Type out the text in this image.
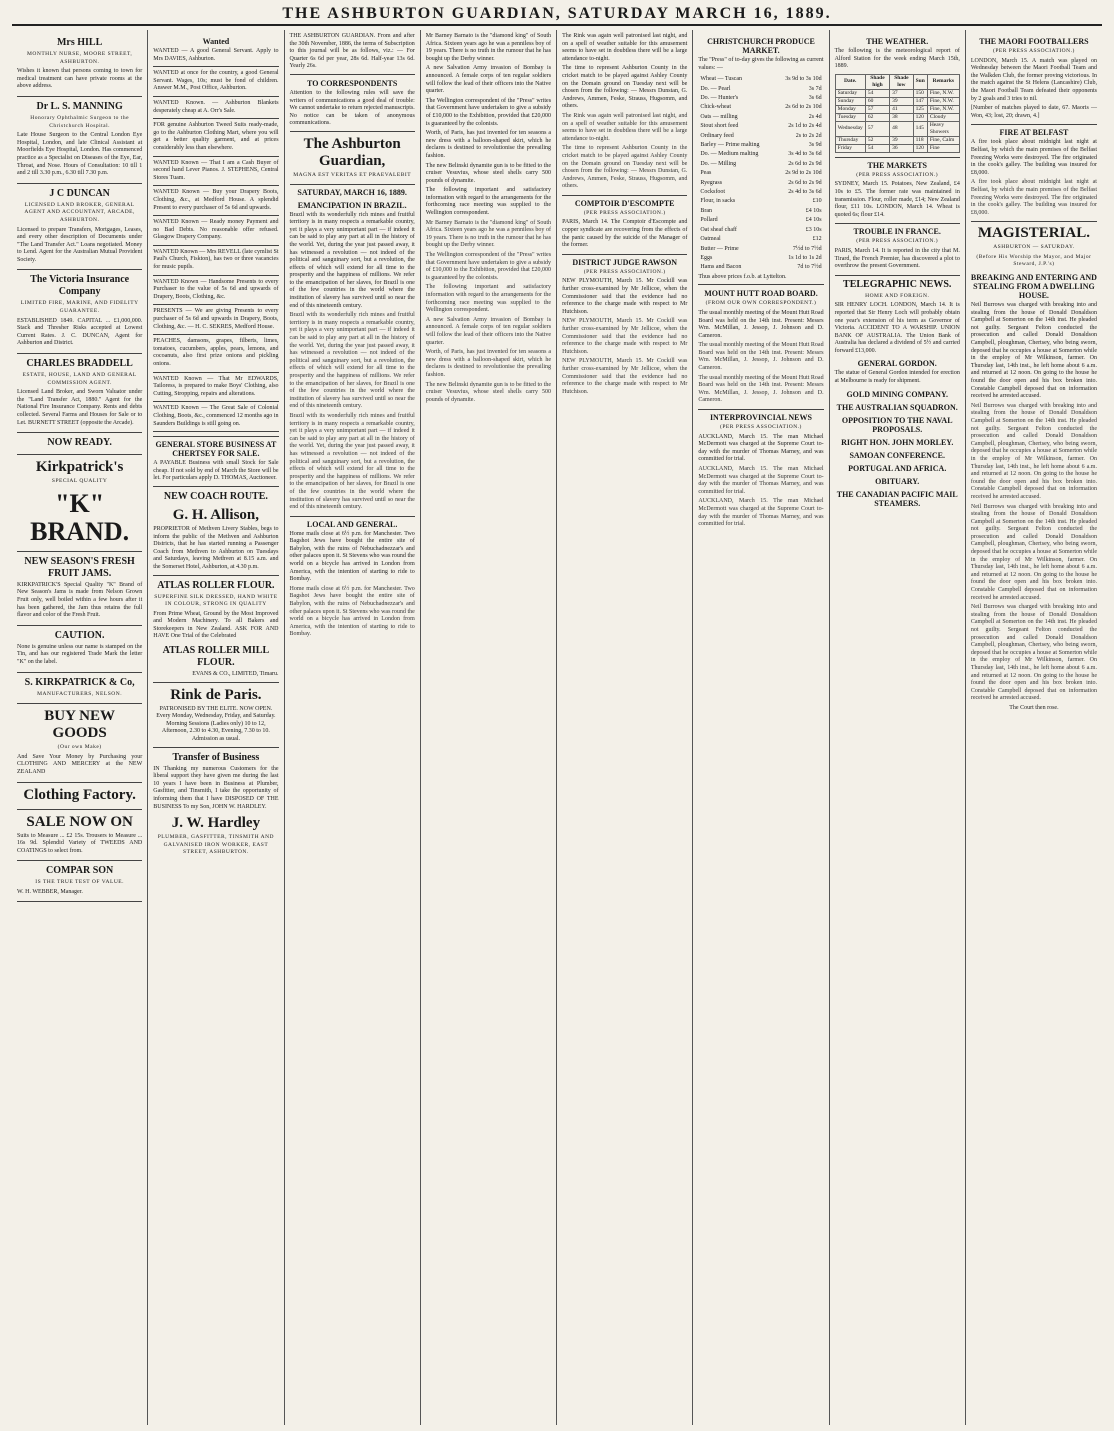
THE ASHBURTON GUARDIAN, SATURDAY MARCH 16, 1889.
Mrs HILL
MONTHLY NURSE, MOORE STREET, ASHBURTON.
Wishes it known that persons coming to town for medical treatment can have private rooms at the above address.
Dr L. S. MANNING
Honorary Ophthalmic Surgeon to the Christchurch Hospital.
Late House Surgeon to the Central London Eye Hospital, London, and late Clinical Assistant at Moorfields Eye Hospital, London. Has commenced practice as a Specialist on Diseases of the Eye, Ear, Throat, and Nose. Hours of Consultation: 10 till 1 and 2 till 3.30 p.m., 6.30 till 7.30 p.m.
J C DUNCAN
LICENSED LAND BROKER, GENERAL AGENT AND ACCOUNTANT, ARCADE, ASHBURTON.
Licensed to prepare Transfers, Mortgages, Leases, and every other description of Documents under "The Land Transfer Act." Loans negotiated. Money to Lend. Agent for the Australian Mutual Provident Society.
The Victoria Insurance Company
LIMITED FIRE, MARINE, AND FIDELITY GUARANTEE.
ESTABLISHED 1849. CAPITAL ... £1,000,000. Stack and Thresher Risks accepted at Lowest Current Rates. J. C. DUNCAN, Agent for Ashburton and District.
CHARLES BRADDELL
ESTATE, HOUSE, LAND AND GENERAL COMMISSION AGENT.
Licensed Land Broker, and Sworn Valuator under the "Land Transfer Act, 1880." Agent for the National Fire Insurance Company. Rents and debts collected. Several Farms and Houses for Sale or to Let. BURNETT STREET (opposite the Arcade).
NOW READY.
Kirkpatrick's
SPECIAL QUALITY
"K" BRAND.
NEW SEASON'S FRESH FRUIT JAMS.
KIRKPATRICK'S Special Quality "K" Brand of New Season's Jams is made from Nelson Grown Fruit only, well boiled within a few hours after it has been gathered, the Jam thus retains the full flavor and color of the Fresh Fruit.
CAUTION.
None is genuine unless our name is stamped on the Tin, and has our registered Trade Mark the letter "K" on the label.
S. KIRKPATRICK & Co,
MANUFACTURERS, NELSON.
BUY NEW GOODS
(Our own Make)
And Save Your Money by Purchasing your CLOTHING AND MERCERY at the NEW ZEALAND
Clothing Factory.
SALE NOW ON
Suits to Measure ... £2 15s. Trousers to Measure ... 16s 9d. Splendid Variety of TWEEDS AND COATINGS to select from.
COMPAR SON
IS THE TRUE TEST OF VALUE.
W. H. WEBBER, Manager.
Wanted
WANTED — A good General Servant. Apply to Mrs DAVIES, Ashburton.
WANTED at once for the country, a good General Servant. Wages, 10s; must be fond of children. Answer M.M., Post Office, Ashburton.
WANTED Known. — Ashburton Blankets desperately cheap at A. Orr's Sale.
FOR genuine Ashburton Tweed Suits ready-made, go to the Ashburton Clothing Mart, where you will get a better quality garment, and at prices considerably less than elsewhere.
WANTED Known — That I am a Cash Buyer of second hand Lever Pianos. J. STEPHENS, Central Stores Tuam.
WANTED Known — Buy your Drapery Boots, Clothing, &c., at Medford House. A splendid Present to every purchaser of 5s 6d and upwards.
WANTED Known — Ready money Payment and no Bad Debts. No reasonable offer refused. Glasgow Drapery Company.
WANTED Known — Mrs REVELL (late cymlist St Paul's Church, Fiskton), has two or three vacancies for music pupils.
WANTED Known — Handsome Presents to every Purchaser to the value of 5s 6d and upwards of Drapery, Boots, Clothing, &c.
PRESENTS — We are giving Presents to every purchaser of 5s 6d and upwards in Drapery, Boots, Clothing, &c. — H. C. SEKRES, Medford House.
PEACHES, damsons, grapes, filberts, limes, tomatoes, cucumbers, apples, pears, lemons, and cocoanuts, also first prize onions and pickling onions.
WANTED Known — That Mr EDWARDS, Tailoress, is prepared to make Boys' Clothing, also Cutting, Stropping, repairs and alterations.
WANTED Known — The Great Sale of Colonial Clothing, Boots, &c., commenced 12 months ago in Saunders Buildings is still going on.
GENERAL STORE BUSINESS AT CHERTSEY FOR SALE.
A PAYABLE Business with small Stock for Sale cheap. If not sold by end of March the Store will be let. For particulars apply D. THOMAS, Auctioneer.
NEW COACH ROUTE.
G. H. Allison,
PROPRIETOR of Methven Livery Stables, begs to inform the public of the Methven and Ashburton Districts, that he has started running a Passenger Coach from Methven to Ashburton on Tuesdays and Saturdays, leaving Methven at 8.15 a.m. and the Somerset Hotel, Ashburton, at 4.30 p.m.
ATLAS ROLLER FLOUR.
SUPERFINE SILK DRESSED, HAND WHITE IN COLOUR, STRONG IN QUALITY
From Prime Wheat, Ground by the Most Improved and Modern Machinery. To all Bakers and Storekeepers in New Zealand. ASK FOR AND HAVE One Trial of the Celebrated
ATLAS ROLLER MILL FLOUR.
EVANS & CO., LIMITED, Timaru.
Rink de Paris.
PATRONISED BY THE ELITE. NOW OPEN. Every Monday, Wednesday, Friday, and Saturday. Morning Sessions (Ladies only) 10 to 12, Afternoon, 2.30 to 4.30, Evening, 7.30 to 10. Admission as usual.
Transfer of Business
IN Thanking my numerous Customers for the liberal support they have given me during the last 10 years I have been in Business at Plumber, Gasfitter, and Tinsmith, I take the opportunity of informing them that I have DISPOSED OF THE BUSINESS To my Son, JOHN W. HARDLEY.
J. W. Hardley
PLUMBER, GASFITTER, TINSMITH AND GALVANISED IRON WORKER, EAST STREET, ASHBURTON.
THE ASHBURTON GUARDIAN. From and after the 30th November, 1886, the terms of Subscription to this journal will be as follows, viz.: — For Quarter 6s 6d per year, 28s 6d. Half-year 13s 6d. Yearly 26s.
TO CORRESPONDENTS
Attention to the following rules will save the writers of communications a good deal of trouble: We cannot undertake to return rejected manuscripts. No notice can be taken of anonymous communications.
The Ashburton Guardian,
MAGNA EST VERITAS ET PRAEVALEBIT
SATURDAY, MARCH 16, 1889.
EMANCIPATION IN BRAZIL.
Brazil with its wonderfully rich mines and fruitful territory is in many respects a remarkable country, yet it plays a very unimportant part — if indeed it can be said to play any part at all in the history of the world. Yet, during the year just passed away, it has witnessed a revolution — not indeed of the political and sanguinary sort, but a revolution, the effects of which will extend for all time to the prosperity and the happiness of millions. We refer to the emancipation of her slaves, for Brazil is one of the few countries in the world where the institution of slavery has survived until so near the end of this nineteenth century.
Brazil with its wonderfully rich mines and fruitful territory is in many respects a remarkable country, yet it plays a very unimportant part — if indeed it can be said to play any part at all in the history of the world. Yet, during the year just passed away, it has witnessed a revolution — not indeed of the political and sanguinary sort, but a revolution, the effects of which will extend for all time to the prosperity and the happiness of millions. We refer to the emancipation of her slaves, for Brazil is one of the few countries in the world where the institution of slavery has survived until so near the end of this nineteenth century.
Brazil with its wonderfully rich mines and fruitful territory is in many respects a remarkable country, yet it plays a very unimportant part — if indeed it can be said to play any part at all in the history of the world. Yet, during the year just passed away, it has witnessed a revolution — not indeed of the political and sanguinary sort, but a revolution, the effects of which will extend for all time to the prosperity and the happiness of millions. We refer to the emancipation of her slaves, for Brazil is one of the few countries in the world where the institution of slavery has survived until so near the end of this nineteenth century.
LOCAL AND GENERAL.
Home mails close at 6½ p.m. for Manchester. Two Bagshot Jews have bought the entire site of Babylon, with the ruins of Nebuchadnezzar's and other palaces upon it. St Stevens who was round the world on a bicycle has arrived in London from America, with the intention of starting to ride to Bombay.
Home mails close at 6½ p.m. for Manchester. Two Bagshot Jews have bought the entire site of Babylon, with the ruins of Nebuchadnezzar's and other palaces upon it. St Stevens who was round the world on a bicycle has arrived in London from America, with the intention of starting to ride to Bombay.
Mr Barney Barnato is the "diamond king" of South Africa. Sixteen years ago he was a penniless boy of 19 years. There is no truth in the rumour that he has bought up the Derby winner.
A new Salvation Army invasion of Bombay is announced. A female corps of ten regular soldiers will follow the lead of their officers into the Native quarter.
The Wellington correspondent of the "Press" writes that Government have undertaken to give a subsidy of £10,000 to the Exhibition, provided that £20,000 is guaranteed by the colonists.
Worth, of Paris, has just invented for ten seasons a new dress with a balloon-shaped skirt, which he declares is destined to revolutionise the prevailing fashion.
The new Belinski dynamite gun is to be fitted to the cruiser Vesuvius, whose steel shells carry 500 pounds of dynamite.
The following important and satisfactory information with regard to the arrangements for the forthcoming race meeting was supplied to the Wellington correspondent.
Mr Barney Barnato is the "diamond king" of South Africa. Sixteen years ago he was a penniless boy of 19 years. There is no truth in the rumour that he has bought up the Derby winner.
The Wellington correspondent of the "Press" writes that Government have undertaken to give a subsidy of £10,000 to the Exhibition, provided that £20,000 is guaranteed by the colonists.
The following important and satisfactory information with regard to the arrangements for the forthcoming race meeting was supplied to the Wellington correspondent.
A new Salvation Army invasion of Bombay is announced. A female corps of ten regular soldiers will follow the lead of their officers into the Native quarter.
Worth, of Paris, has just invented for ten seasons a new dress with a balloon-shaped skirt, which he declares is destined to revolutionise the prevailing fashion.
The new Belinski dynamite gun is to be fitted to the cruiser Vesuvius, whose steel shells carry 500 pounds of dynamite.
The Rink was again well patronised last night, and on a spell of weather suitable for this amusement seems to have set in doubtless there will be a large attendance to-night.
The time to represent Ashburton County in the cricket match to be played against Ashley County on the Domain ground on Tuesday next will be chosen from the following: — Messrs Dunstan, G. Andrews, Ammen, Feske, Strauss, Hugsomm, and others.
The Rink was again well patronised last night, and on a spell of weather suitable for this amusement seems to have set in doubtless there will be a large attendance to-night.
The time to represent Ashburton County in the cricket match to be played against Ashley County on the Domain ground on Tuesday next will be chosen from the following: — Messrs Dunstan, G. Andrews, Ammen, Feske, Strauss, Hugsomm, and others.
COMPTOIR D'ESCOMPTE
(PER PRESS ASSOCIATION.)
PARIS, March 14. The Comptoir d'Escompte and copper syndicate are recovering from the effects of the panic caused by the suicide of the Manager of the former.
DISTRICT JUDGE RAWSON
(PER PRESS ASSOCIATION.)
NEW PLYMOUTH, March 15. Mr Cockill was further cross-examined by Mr Jellicoe, when the Commissioner said that the evidence had no reference to the charge made with respect to Mr Hutchison.
NEW PLYMOUTH, March 15. Mr Cockill was further cross-examined by Mr Jellicoe, when the Commissioner said that the evidence had no reference to the charge made with respect to Mr Hutchison.
NEW PLYMOUTH, March 15. Mr Cockill was further cross-examined by Mr Jellicoe, when the Commissioner said that the evidence had no reference to the charge made with respect to Mr Hutchison.
CHRISTCHURCH PRODUCE MARKET.
The "Press" of to-day gives the following as current values: —
Wheat — Tuscan	3s 9d to 3s 10d
Do. — Pearl	3s 7d
Do. — Hunter's	3s 6d
Chick-wheat	2s 6d to 2s 10d
Oats — milling	2s 4d
Stout short feed	2s 1d to 2s 4d
Ordinary feed	2s to 2s 2d
Barley — Prime malting	3s 9d
Do. — Medium malting	3s 4d to 3s 6d
Do. — Milling	2s 6d to 2s 9d
Peas	2s 9d to 2s 10d
Ryegrass	2s 6d to 2s 9d
Cocksfoot	2s 4d to 3s 6d
Flour, in sacks	£10
Bran	£4 10s
Pollard	£4 10s
Oat sheaf chaff	£3 10s
Oatmeal	£12
Butter — Prime	7½d to 7½d
Eggs	1s 1d to 1s 2d
Hams and Bacon	7d to 7½d
Thus above prices f.o.b. at Lyttelton.
MOUNT HUTT ROAD BOARD.
(FROM OUR OWN CORRESPONDENT.)
The usual monthly meeting of the Mount Hutt Road Board was held on the 14th inst. Present: Messrs Wm. McMillan, J. Jessop, J. Johnson and D. Cameron.
The usual monthly meeting of the Mount Hutt Road Board was held on the 14th inst. Present: Messrs Wm. McMillan, J. Jessop, J. Johnson and D. Cameron.
The usual monthly meeting of the Mount Hutt Road Board was held on the 14th inst. Present: Messrs Wm. McMillan, J. Jessop, J. Johnson and D. Cameron.
INTERPROVINCIAL NEWS
(PER PRESS ASSOCIATION.)
AUCKLAND, March 15. The man Michael McDermott was charged at the Supreme Court to-day with the murder of Thomas Marney, and was committed for trial.
AUCKLAND, March 15. The man Michael McDermott was charged at the Supreme Court to-day with the murder of Thomas Marney, and was committed for trial.
AUCKLAND, March 15. The man Michael McDermott was charged at the Supreme Court to-day with the murder of Thomas Marney, and was committed for trial.
THE WEATHER.
The following is the meteorological report of Alford Station for the week ending March 15th, 1889.
Date.	Shade high	Shade low	Sun	Remarks
Saturday	54	37	150	Fine, N.W.
Sunday	60	39	147	Fine, N.W.
Monday	57	41	125	Fine, N.W.
Tuesday	62	38	120	Cloudy
Wednesday	57	48	145	Heavy Showers
Thursday	52	39	118	Fine, Calm
Friday	54	36	120	Fine
THE MARKETS
(PER PRESS ASSOCIATION.)
SYDNEY, March 15. Potatoes, New Zealand, £4 10s to £5. The former rate was maintained in transmission. Flour, roller made, £14; New Zealand flour, £11 10s. LONDON, March 14. Wheat is quoted 6s; flour £14.
TROUBLE IN FRANCE.
(PER PRESS ASSOCIATION.)
PARIS, March 14. It is reported in the city that M. Tirard, the French Premier, has discovered a plot to overthrow the present Government.
TELEGRAPHIC NEWS.
HOME AND FOREIGN.
SIR HENRY LOCH. LONDON, March 14. It is reported that Sir Henry Loch will probably obtain one year's extension of his term as Governor of Victoria. ACCIDENT TO A WARSHIP. UNION BANK OF AUSTRALIA. The Union Bank of Australia has declared a dividend of 5½ and carried forward £13,000.
GENERAL GORDON.
The statue of General Gordon intended for erection at Melbourne is ready for shipment.
GOLD MINING COMPANY.
THE AUSTRALIAN SQUADRON.
OPPOSITION TO THE NAVAL PROPOSALS.
RIGHT HON. JOHN MORLEY.
SAMOAN CONFERENCE.
PORTUGAL AND AFRICA.
OBITUARY.
THE CANADIAN PACIFIC MAIL STEAMERS.
THE MAORI FOOTBALLERS
(PER PRESS ASSOCIATION.)
LONDON, March 15. A match was played on Wednesday between the Maori Football Team and the Walkden Club, the former proving victorious. In the match against the St Helens (Lancashire) Club, the Maori Football Team defeated their opponents by 2 goals and 3 tries to nil.
[Number of matches played to date, 67. Maoris — Won, 43; lost, 20; drawn, 4.]
FIRE AT BELFAST
A fire took place about midnight last night at Belfast, by which the main premises of the Belfast Freezing Works were destroyed. The fire originated in the cook's galley. The building was insured for £8,000.
A fire took place about midnight last night at Belfast, by which the main premises of the Belfast Freezing Works were destroyed. The fire originated in the cook's galley. The building was insured for £8,000.
MAGISTERIAL.
ASHBURTON — SATURDAY.
(Before His Worship the Mayor, and Major Steward, J.P.'s)
BREAKING AND ENTERING AND STEALING FROM A DWELLING HOUSE.
Neil Burrows was charged with breaking into and stealing from the house of Donald Donaldson Campbell at Somerton on the 14th inst. He pleaded not guilty. Sergeant Felton conducted the prosecution and called Donald Donaldson Campbell, ploughman, Chertsey, who being sworn, deposed that he occupies a house at Somerton while in the employ of Mr Wilkinson, farmer. On Thursday last, 14th inst., he left home about 6 a.m. and returned at 12 noon. On going to the house he found the door open and his box broken into. Constable Campbell deposed that on information received he arrested accused.
Neil Burrows was charged with breaking into and stealing from the house of Donald Donaldson Campbell at Somerton on the 14th inst. He pleaded not guilty. Sergeant Felton conducted the prosecution and called Donald Donaldson Campbell, ploughman, Chertsey, who being sworn, deposed that he occupies a house at Somerton while in the employ of Mr Wilkinson, farmer. On Thursday last, 14th inst., he left home about 6 a.m. and returned at 12 noon. On going to the house he found the door open and his box broken into. Constable Campbell deposed that on information received he arrested accused.
Neil Burrows was charged with breaking into and stealing from the house of Donald Donaldson Campbell at Somerton on the 14th inst. He pleaded not guilty. Sergeant Felton conducted the prosecution and called Donald Donaldson Campbell, ploughman, Chertsey, who being sworn, deposed that he occupies a house at Somerton while in the employ of Mr Wilkinson, farmer. On Thursday last, 14th inst., he left home about 6 a.m. and returned at 12 noon. On going to the house he found the door open and his box broken into. Constable Campbell deposed that on information received he arrested accused.
Neil Burrows was charged with breaking into and stealing from the house of Donald Donaldson Campbell at Somerton on the 14th inst. He pleaded not guilty. Sergeant Felton conducted the prosecution and called Donald Donaldson Campbell, ploughman, Chertsey, who being sworn, deposed that he occupies a house at Somerton while in the employ of Mr Wilkinson, farmer. On Thursday last, 14th inst., he left home about 6 a.m. and returned at 12 noon. On going to the house he found the door open and his box broken into. Constable Campbell deposed that on information received he arrested accused.
The Court then rose.
